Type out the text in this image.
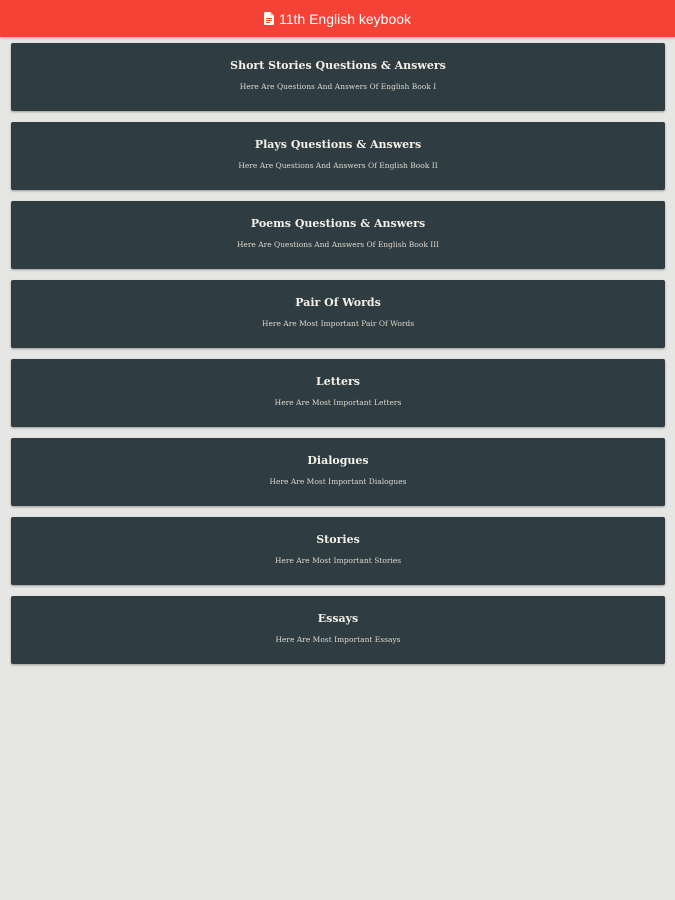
11th English keybook
Short Stories Questions & Answers
Here Are Questions And Answers Of English Book I
Plays Questions & Answers
Here Are Questions And Answers Of English Book II
Poems Questions & Answers
Here Are Questions And Answers Of English Book III
Pair Of Words
Here Are Most Important Pair Of Words
Letters
Here Are Most Important Letters
Dialogues
Here Are Most Important Dialogues
Stories
Here Are Most Important Stories
Essays
Here Are Most Important Essays
